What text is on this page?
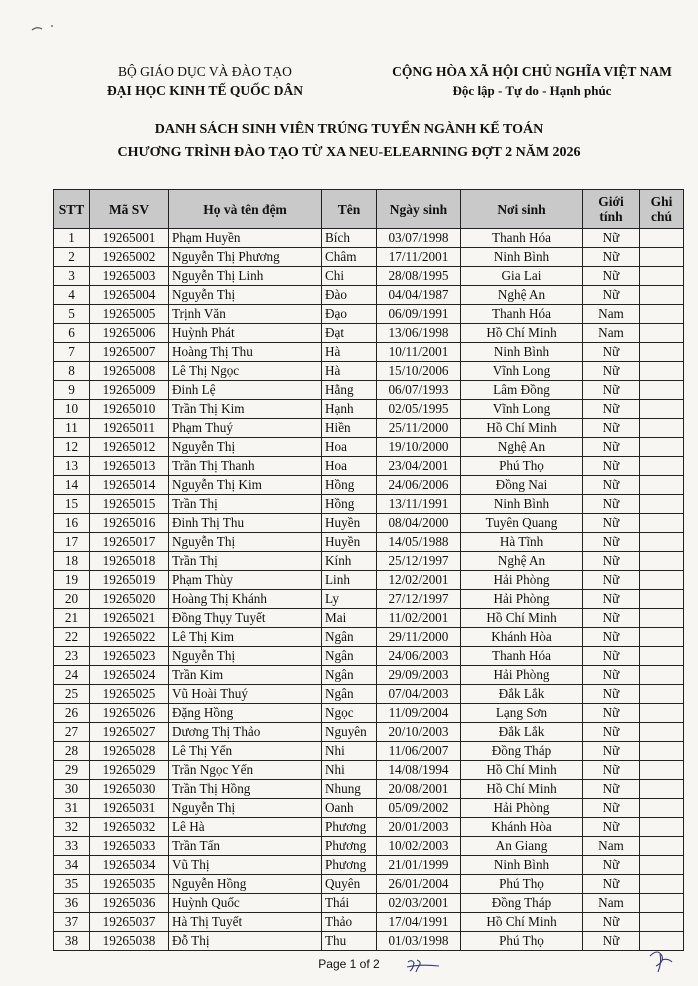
BỘ GIÁO DỤC VÀ ĐÀO TẠO
ĐẠI HỌC KINH TẾ QUỐC DÂN
CỘNG HÒA XÃ HỘI CHỦ NGHĨA VIỆT NAM
Độc lập - Tự do - Hạnh phúc
DANH SÁCH SINH VIÊN TRÚNG TUYỂN NGÀNH KẾ TOÁN
CHƯƠNG TRÌNH ĐÀO TẠO TỪ XA NEU-ELEARNING ĐỢT 2 NĂM 2026
STT	Mã SV	Họ và tên đệm	Tên	Ngày sinh	Nơi sinh	Giới tính	Ghi chú
1	19265001	Phạm Huyền	Bích	03/07/1998	Thanh Hóa	Nữ	
2	19265002	Nguyễn Thị Phương	Châm	17/11/2001	Ninh Bình	Nữ	
3	19265003	Nguyễn Thị Linh	Chi	28/08/1995	Gia Lai	Nữ	
4	19265004	Nguyễn Thị	Đào	04/04/1987	Nghệ An	Nữ	
5	19265005	Trịnh Văn	Đạo	06/09/1991	Thanh Hóa	Nam	
6	19265006	Huỳnh Phát	Đạt	13/06/1998	Hồ Chí Minh	Nam	
7	19265007	Hoàng Thị Thu	Hà	10/11/2001	Ninh Bình	Nữ	
8	19265008	Lê Thị Ngọc	Hà	15/10/2006	Vĩnh Long	Nữ	
9	19265009	Đinh Lệ	Hằng	06/07/1993	Lâm Đồng	Nữ	
10	19265010	Trần Thị Kim	Hạnh	02/05/1995	Vĩnh Long	Nữ	
11	19265011	Phạm Thuý	Hiền	25/11/2000	Hồ Chí Minh	Nữ	
12	19265012	Nguyễn Thị	Hoa	19/10/2000	Nghệ An	Nữ	
13	19265013	Trần Thị Thanh	Hoa	23/04/2001	Phú Thọ	Nữ	
14	19265014	Nguyễn Thị Kim	Hồng	24/06/2006	Đồng Nai	Nữ	
15	19265015	Trần Thị	Hồng	13/11/1991	Ninh Bình	Nữ	
16	19265016	Đinh Thị Thu	Huyền	08/04/2000	Tuyên Quang	Nữ	
17	19265017	Nguyễn Thị	Huyền	14/05/1988	Hà Tĩnh	Nữ	
18	19265018	Trần Thị	Kính	25/12/1997	Nghệ An	Nữ	
19	19265019	Phạm Thùy	Linh	12/02/2001	Hải Phòng	Nữ	
20	19265020	Hoàng Thị Khánh	Ly	27/12/1997	Hải Phòng	Nữ	
21	19265021	Đồng Thụy Tuyết	Mai	11/02/2001	Hồ Chí Minh	Nữ	
22	19265022	Lê Thị Kim	Ngân	29/11/2000	Khánh Hòa	Nữ	
23	19265023	Nguyễn Thị	Ngân	24/06/2003	Thanh Hóa	Nữ	
24	19265024	Trần Kim	Ngân	29/09/2003	Hải Phòng	Nữ	
25	19265025	Vũ Hoài Thuý	Ngân	07/04/2003	Đắk Lắk	Nữ	
26	19265026	Đặng Hồng	Ngọc	11/09/2004	Lạng Sơn	Nữ	
27	19265027	Dương Thị Thảo	Nguyên	20/10/2003	Đắk Lắk	Nữ	
28	19265028	Lê Thị Yến	Nhi	11/06/2007	Đồng Tháp	Nữ	
29	19265029	Trần Ngọc Yến	Nhi	14/08/1994	Hồ Chí Minh	Nữ	
30	19265030	Trần Thị Hồng	Nhung	20/08/2001	Hồ Chí Minh	Nữ	
31	19265031	Nguyễn Thị	Oanh	05/09/2002	Hải Phòng	Nữ	
32	19265032	Lê Hà	Phương	20/01/2003	Khánh Hòa	Nữ	
33	19265033	Trần Tấn	Phương	10/02/2003	An Giang	Nam	
34	19265034	Vũ Thị	Phương	21/01/1999	Ninh Bình	Nữ	
35	19265035	Nguyễn Hồng	Quyên	26/01/2004	Phú Thọ	Nữ	
36	19265036	Huỳnh Quốc	Thái	02/03/2001	Đồng Tháp	Nam	
37	19265037	Hà Thị Tuyết	Thảo	17/04/1991	Hồ Chí Minh	Nữ	
38	19265038	Đỗ Thị	Thu	01/03/1998	Phú Thọ	Nữ	
Page 1 of 2
